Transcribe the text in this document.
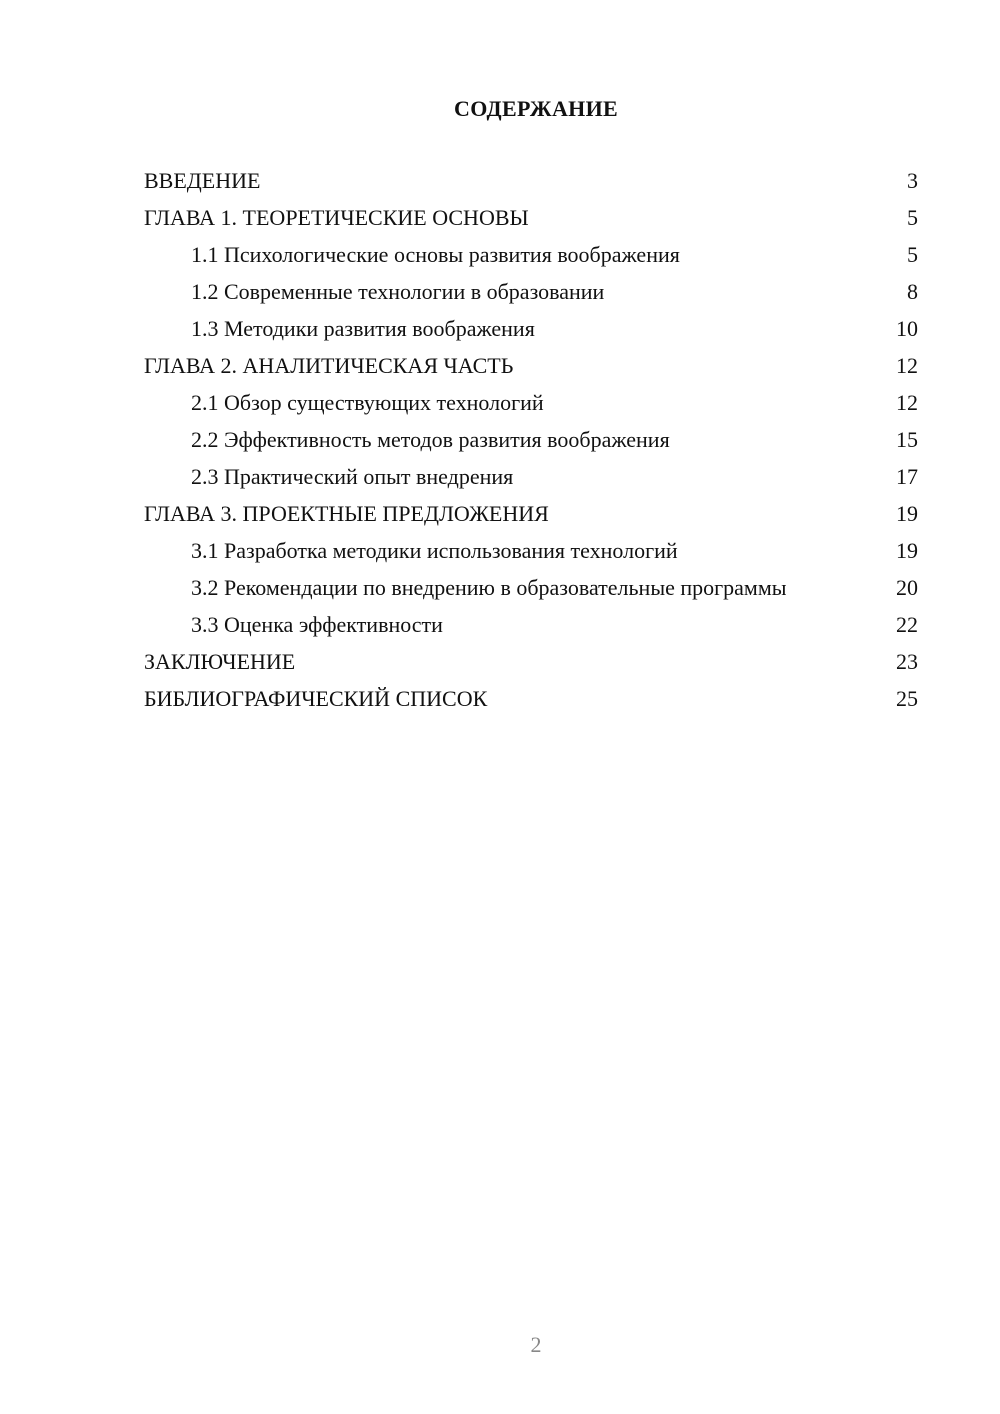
СОДЕРЖАНИЕ
ВВЕДЕНИЕ	3
ГЛАВА 1. ТЕОРЕТИЧЕСКИЕ ОСНОВЫ	5
1.1 Психологические основы развития воображения	5
1.2 Современные технологии в образовании	8
1.3 Методики развития воображения	10
ГЛАВА 2. АНАЛИТИЧЕСКАЯ ЧАСТЬ	12
2.1 Обзор существующих технологий	12
2.2 Эффективность методов развития воображения	15
2.3 Практический опыт внедрения	17
ГЛАВА 3. ПРОЕКТНЫЕ ПРЕДЛОЖЕНИЯ	19
3.1 Разработка методики использования технологий	19
3.2 Рекомендации по внедрению в образовательные программы	20
3.3 Оценка эффективности	22
ЗАКЛЮЧЕНИЕ	23
БИБЛИОГРАФИЧЕСКИЙ СПИСОК	25
2
